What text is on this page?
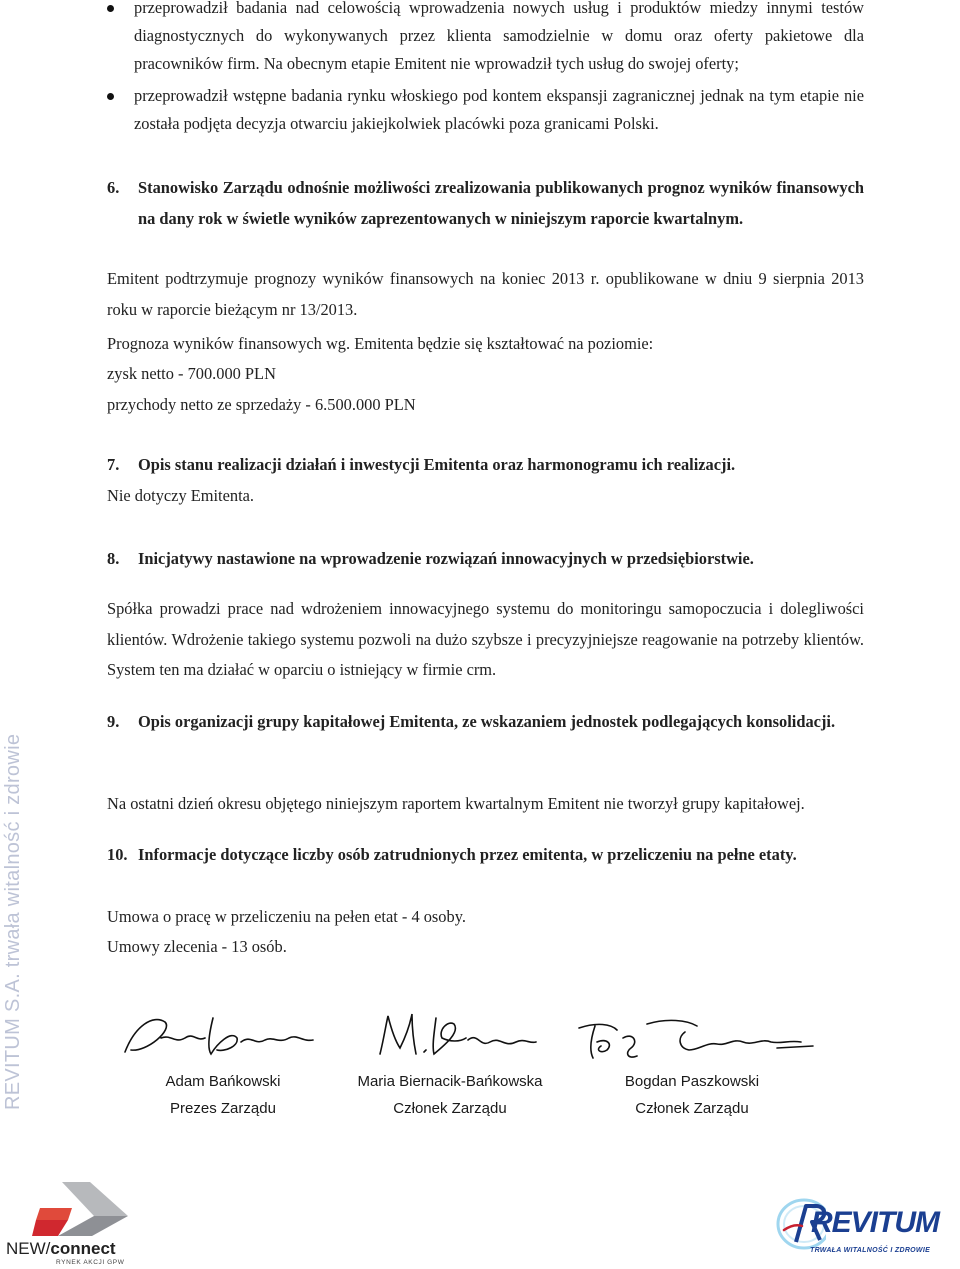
przeprowadził badania nad celowością wprowadzenia nowych usług i produktów miedzy innymi testów diagnostycznych do wykonywanych przez klienta samodzielnie w domu oraz oferty pakietowe dla pracowników firm. Na obecnym etapie Emitent nie wprowadził tych usług do swojej oferty;
przeprowadził wstępne badania rynku włoskiego pod kontem ekspansji zagranicznej jednak na tym etapie nie została podjęta decyzja otwarciu jakiejkolwiek placówki poza granicami Polski.
6.	Stanowisko Zarządu odnośnie możliwości zrealizowania publikowanych prognoz wyników finansowych na dany rok w świetle wyników zaprezentowanych w niniejszym raporcie kwartalnym.
Emitent podtrzymuje prognozy wyników finansowych na koniec 2013 r. opublikowane w dniu 9 sierpnia 2013 roku w raporcie bieżącym nr 13/2013.
Prognoza wyników finansowych wg. Emitenta będzie się kształtować na poziomie:
zysk netto - 700.000 PLN
przychody netto ze sprzedaży - 6.500.000 PLN
7.	Opis stanu realizacji działań i inwestycji Emitenta oraz harmonogramu ich realizacji.
Nie dotyczy Emitenta.
8.	Inicjatywy nastawione na wprowadzenie rozwiązań innowacyjnych w przedsiębiorstwie.
Spółka prowadzi prace nad wdrożeniem innowacyjnego systemu do monitoringu samopoczucia i dolegliwości klientów. Wdrożenie takiego systemu pozwoli na dużo szybsze i precyzyjniejsze reagowanie na potrzeby klientów. System ten ma działać w oparciu o istniejący w firmie crm.
9.	Opis organizacji grupy kapitałowej Emitenta, ze wskazaniem jednostek podlegających konsolidacji.
Na ostatni dzień okresu objętego niniejszym raportem kwartalnym Emitent nie tworzył grupy kapitałowej.
10. Informacje dotyczące liczby osób zatrudnionych przez emitenta, w przeliczeniu na pełne etaty.
Umowa o pracę w przeliczeniu na pełen etat - 4 osoby.
Umowy zlecenia - 13 osób.
REVITUM S.A. trwała witalność i zdrowie	Adam Bańkowski
Prezes Zarządu
Maria Biernacik-Bańkowska
Członek Zarządu
Bogdan Paszkowski
Członek Zarządu
NEW/connect
RYNEK AKCJI GPW
REVITUM
TRWAŁA WITALNOŚĆ I ZDROWIE
